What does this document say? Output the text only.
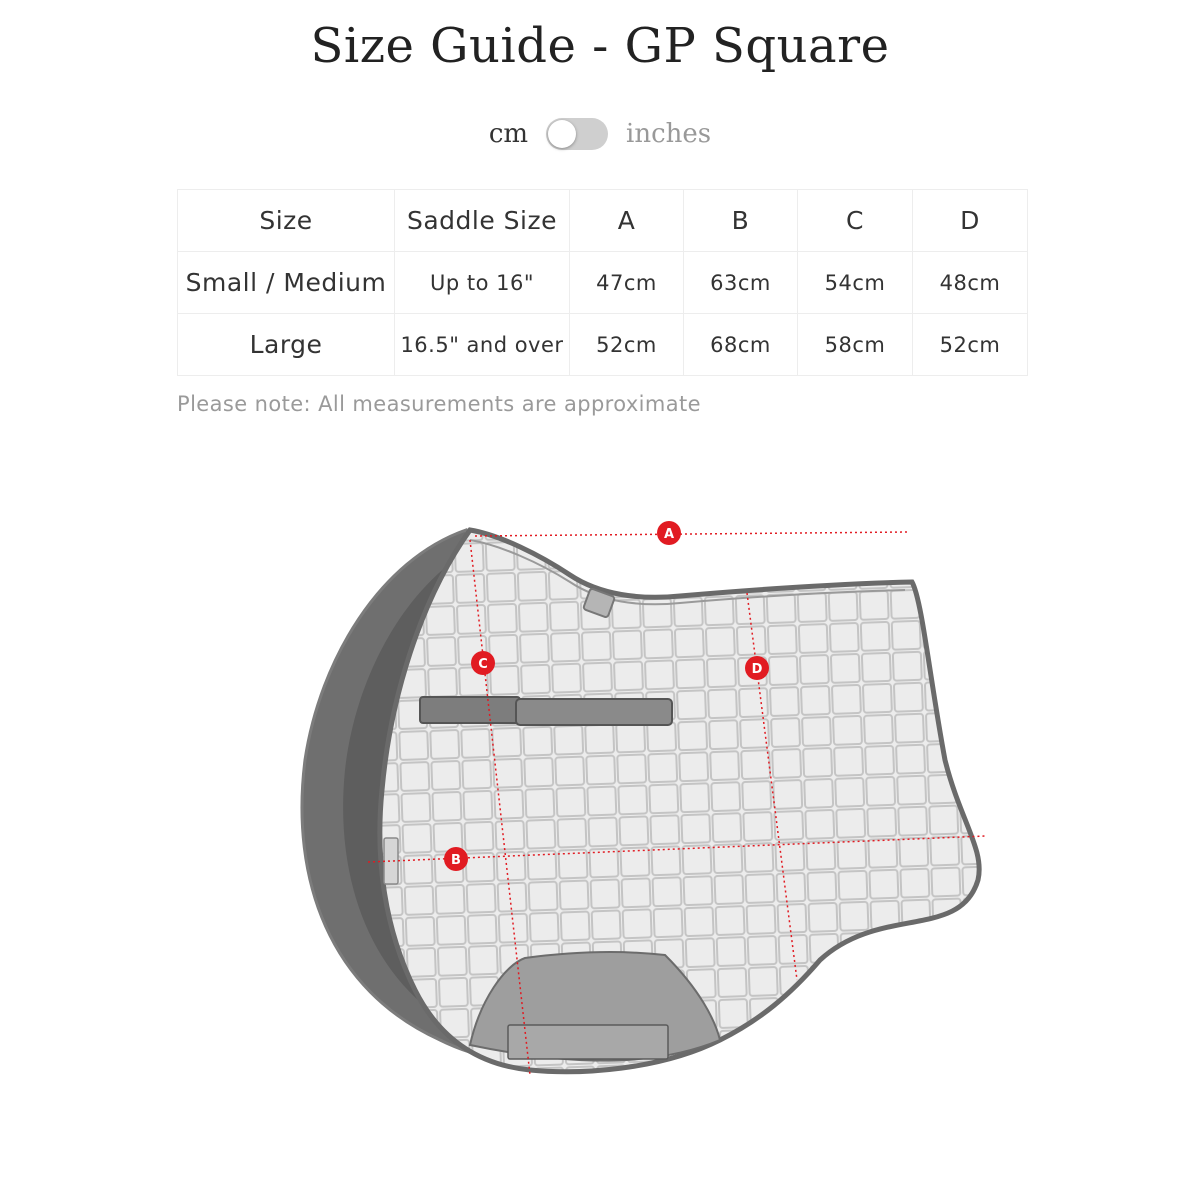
Size Guide - GP Square
cm	inches
Size	Saddle Size	A	B	C	D
Small / Medium	Up to 16"	47cm	63cm	54cm	48cm
Large	16.5" and over	52cm	68cm	58cm	52cm
Please note: All measurements are approximate
A
B
C	D
